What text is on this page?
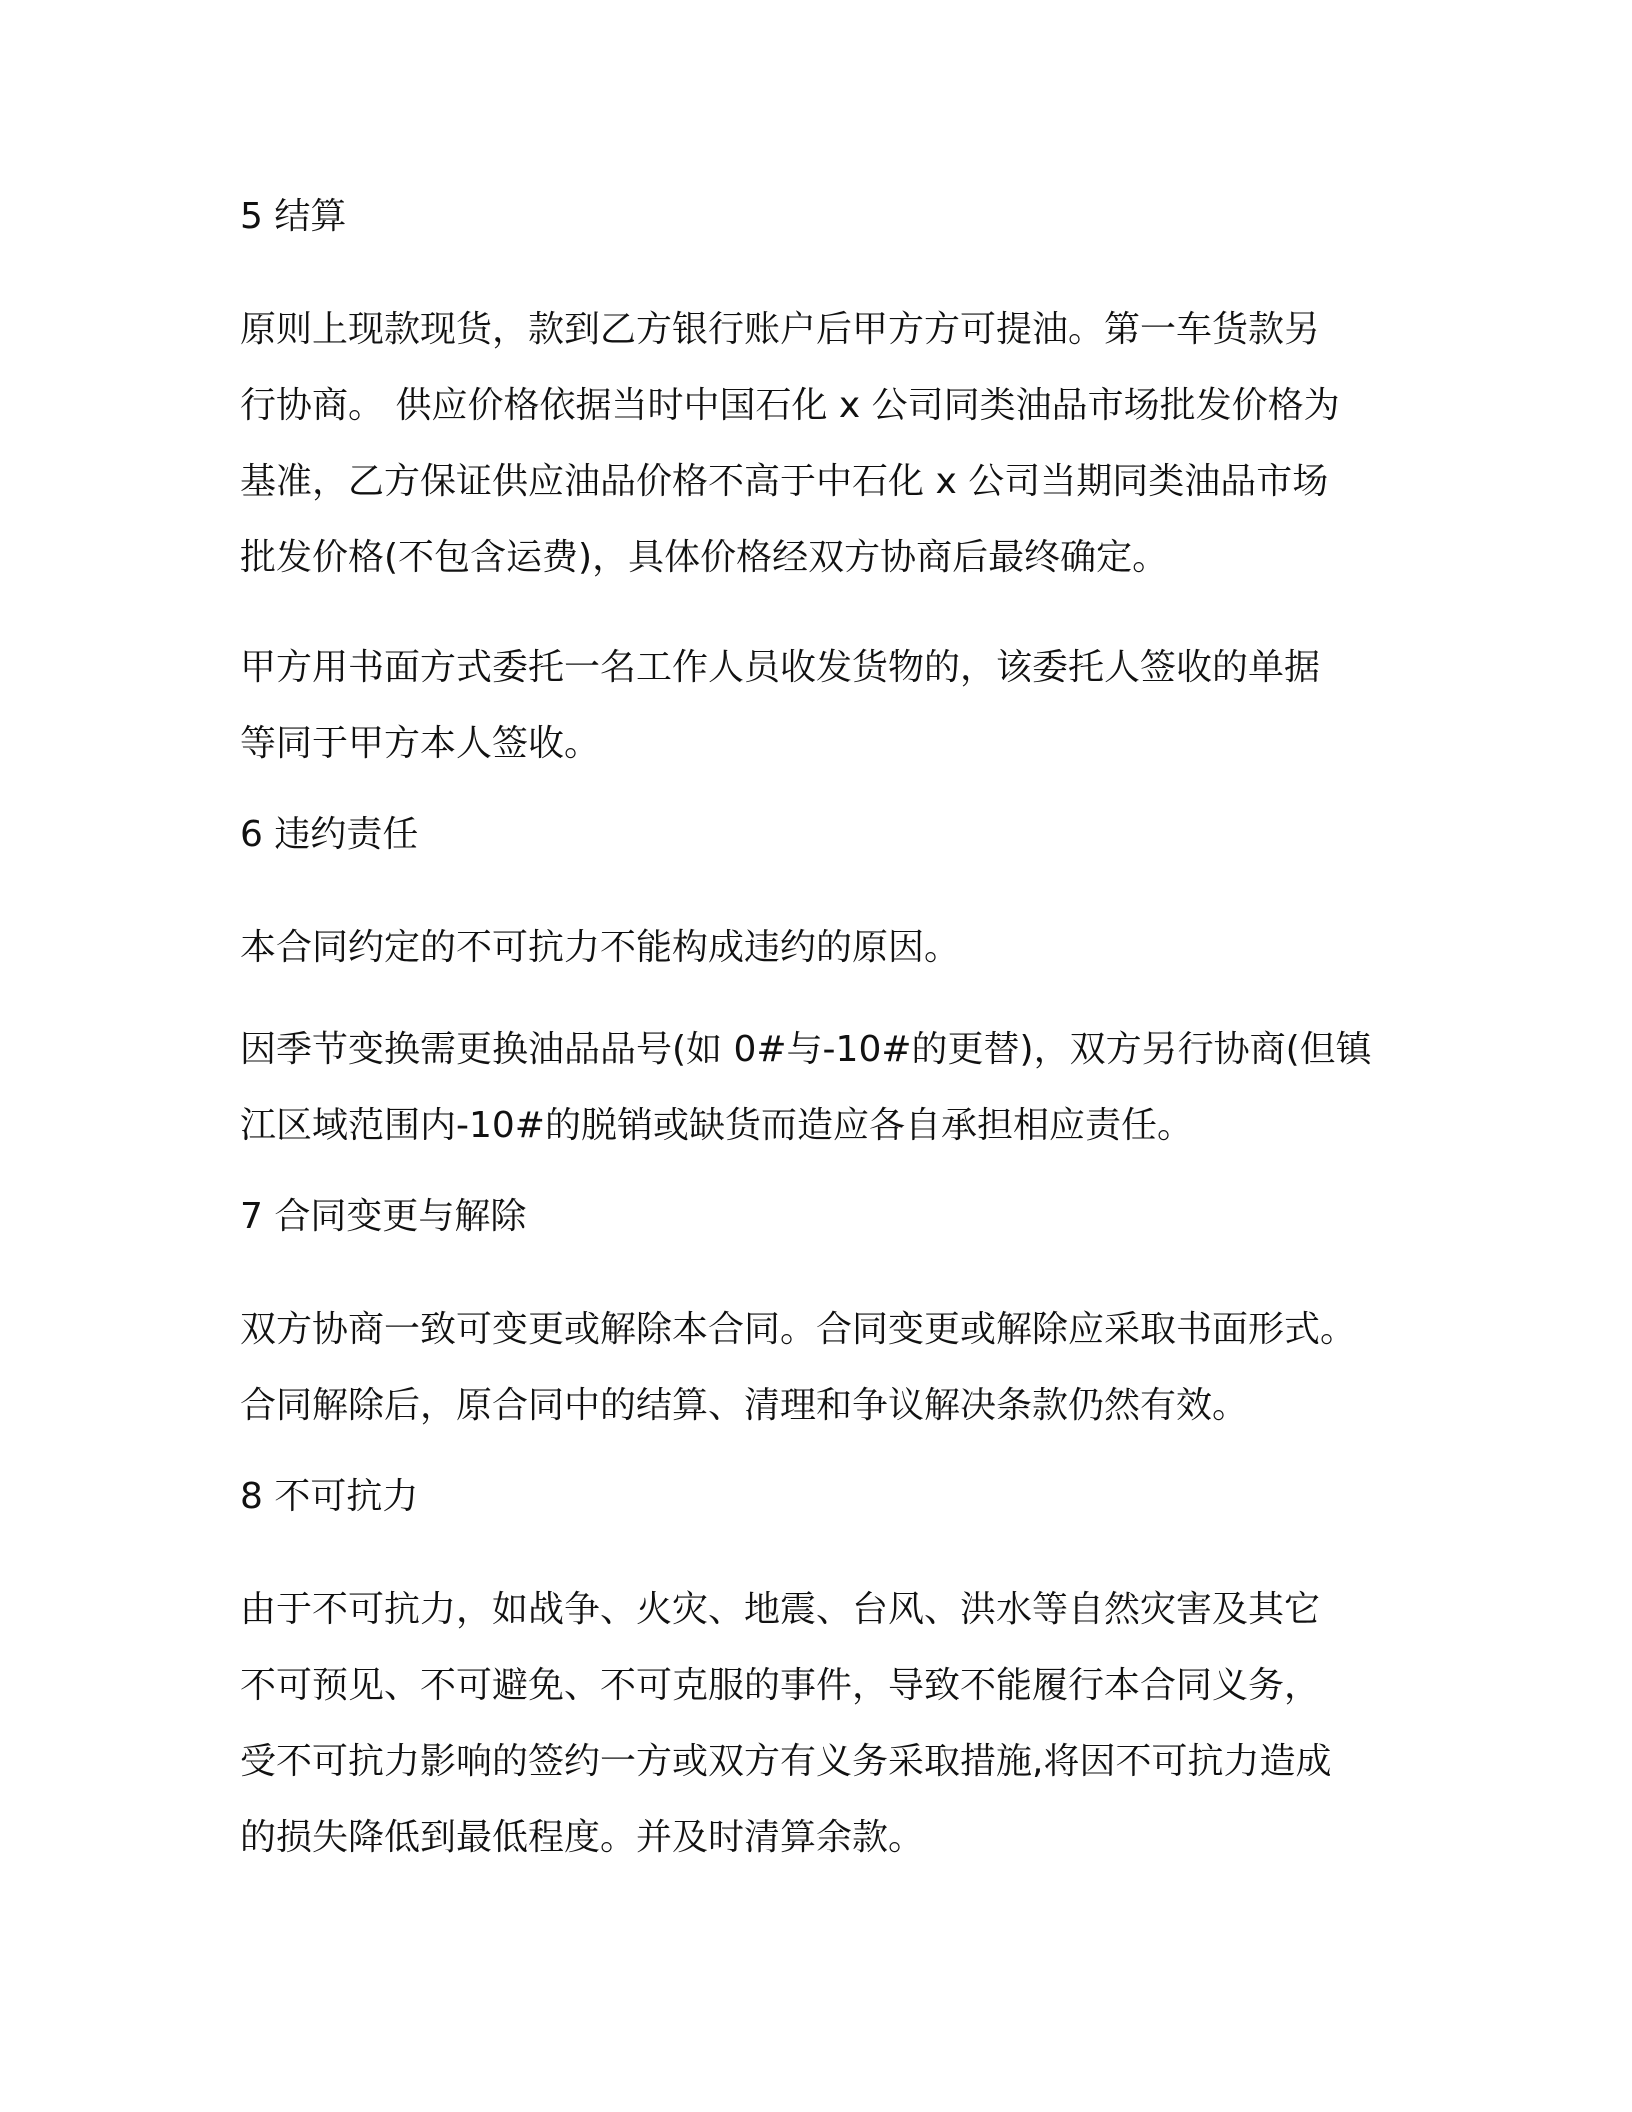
5 结算
原则上现款现货，款到乙方银行账户后甲方方可提油。第一车货款另
行协商。 供应价格依据当时中国石化 x 公司同类油品市场批发价格为
基准，乙方保证供应油品价格不高于中石化 x 公司当期同类油品市场
批发价格(不包含运费)，具体价格经双方协商后最终确定。
甲方用书面方式委托一名工作人员收发货物的，该委托人签收的单据
等同于甲方本人签收。
6 违约责任
本合同约定的不可抗力不能构成违约的原因。
因季节变换需更换油品品号(如 0#与-10#的更替)，双方另行协商(但镇
江区域范围内-10#的脱销或缺货而造应各自承担相应责任。
7 合同变更与解除
双方协商一致可变更或解除本合同。合同变更或解除应采取书面形式。
合同解除后，原合同中的结算、清理和争议解决条款仍然有效。
8 不可抗力
由于不可抗力，如战争、火灾、地震、台风、洪水等自然灾害及其它
不可预见、不可避免、不可克服的事件，导致不能履行本合同义务，
受不可抗力影响的签约一方或双方有义务采取措施,将因不可抗力造成
的损失降低到最低程度。并及时清算余款。
